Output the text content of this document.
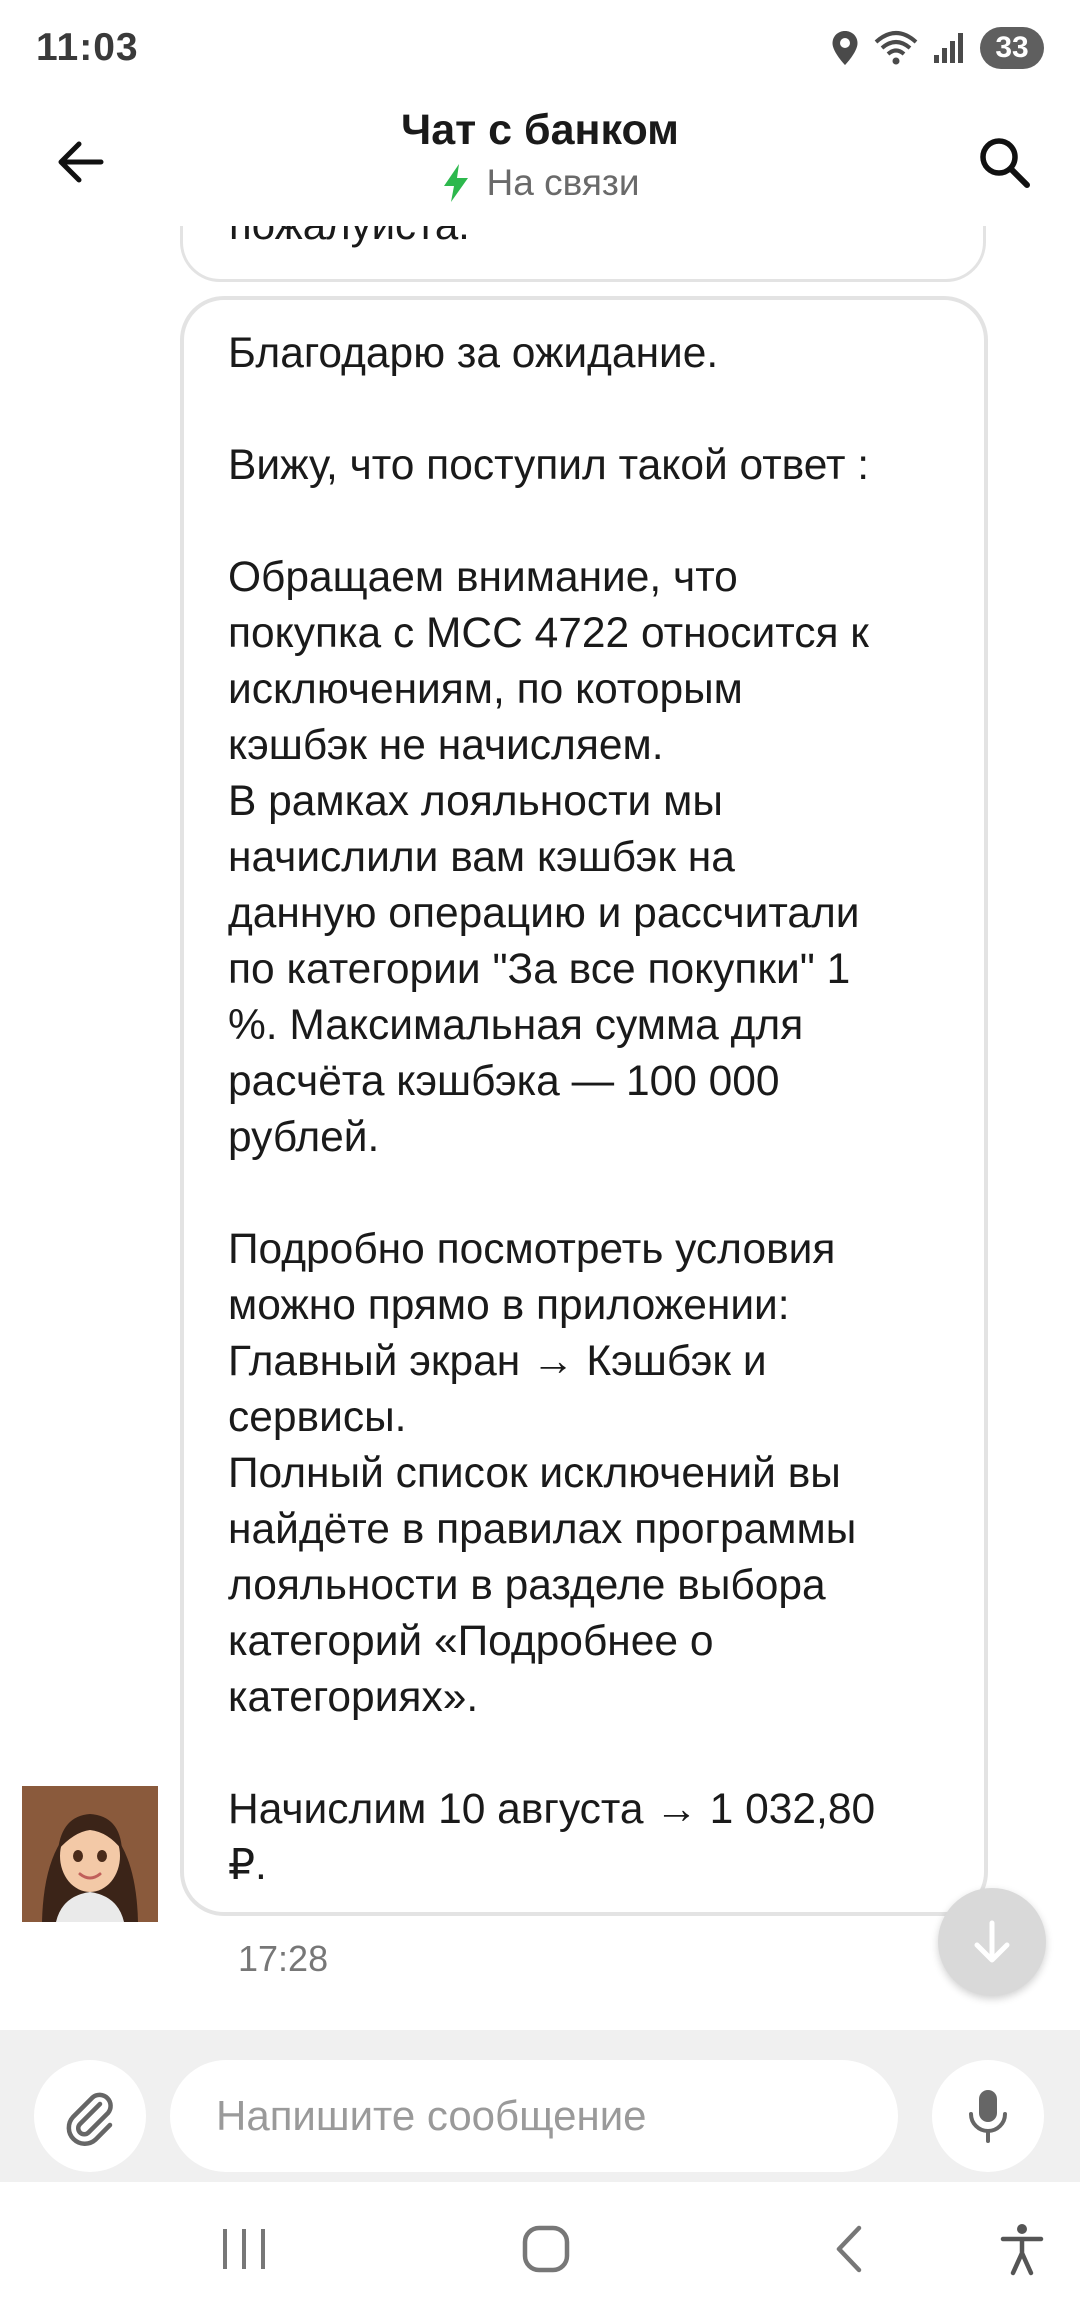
11:03	33
Чат с банком
На связи
Благодарю за ожидание.

Вижу, что поступил такой ответ :

Обращаем внимание, что
покупка с МСС 4722 относится к
исключениям, по которым
кэшбэк не начисляем.
В рамках лояльности мы
начислили вам кэшбэк на
данную операцию и рассчитали
по категории "За все покупки" 1
%. Максимальная сумма для
расчёта кэшбэка — 100 000
рублей.

Подробно посмотреть условия
можно прямо в приложении:
Главный экран → Кэшбэк и
сервисы.
Полный список исключений вы
найдёте в правилах программы
лояльности в разделе выбора
категорий «Подробнее о
категориях».

Начислим 10 августа → 1 032,80
₽.
17:28
Напишите сообщение
